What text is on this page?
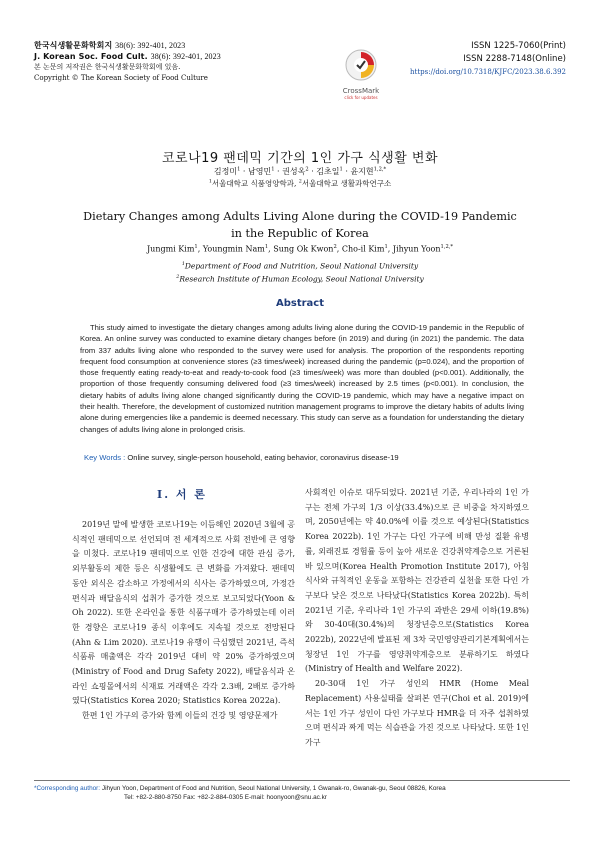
한국식생활문화학회지 38(6): 392-401, 2023
J. Korean Soc. Food Cult. 38(6): 392-401, 2023
본 논문의 저작권은 한국식생활문화학회에 있음.
Copyright © The Korean Society of Food Culture
CrossMark
click for updates
ISSN 1225-7060(Print)
ISSN 2288-7148(Online)
https://doi.org/10.7318/KJFC/2023.38.6.392
코로나19 팬데믹 기간의 1인 가구 식생활 변화
김정미$^1$ · 남영민$^1$ · 권성옥$^2$ · 김초일$^1$ · 윤지현$^{1,2,*}$
$^1$서울대학교 식품영양학과, $^2$서울대학교 생활과학연구소
Dietary Changes among Adults Living Alone during the COVID-19 Pandemic
in the Republic of Korea
Jungmi Kim$^1$, Youngmin Nam$^1$, Sung Ok Kwon$^2$, Cho-il Kim$^1$, Jihyun Yoon$^{1,2,*}$
$^1$Department of Food and Nutrition, Seoul National University
$^2$Research Institute of Human Ecology, Seoul National University
Abstract
This study aimed to investigate the dietary changes among adults living alone during the COVID-19 pandemic in the Republic of Korea. An online survey was conducted to examine dietary changes before (in 2019) and during (in 2021) the pandemic. The data from 337 adults living alone who responded to the survey were used for analysis. The proportion of the respondents reporting frequent food consumption at convenience stores (≥3 times/week) increased during the pandemic (p=0.024), and the proportion of those frequently eating ready-to-eat and ready-to-cook food (≥3 times/week) was more than doubled (p<0.001). Additionally, the proportion of those frequently consuming delivered food (≥3 times/week) increased by 2.5 times (p<0.001). In conclusion, the dietary habits of adults living alone changed significantly during the COVID-19 pandemic, which may have a negative impact on their health. Therefore, the development of customized nutrition management programs to improve the dietary habits of adults living alone during emergencies like a pandemic is deemed necessary. This study can serve as a foundation for understanding the dietary changes of adults living alone in prolonged crisis.
Key Words : Online survey, single-person household, eating behavior, coronavirus disease-19
I. 서 론

2019년 말에 발생한 코로나19는 이듬해인 2020년 3월에 공식적인 팬데믹으로 선언되며 전 세계적으로 사회 전반에 큰 영향을 미쳤다. 코로나19 팬데믹으로 인한 건강에 대한 관심 증가, 외부활동의 제한 등은 식생활에도 큰 변화를 가져왔다. 팬데믹 동안 외식은 감소하고 가정에서의 식사는 증가하였으며, 가정간편식과 배달음식의 섭취가 증가한 것으로 보고되었다(Yoon & Oh 2022). 또한 온라인을 통한 식품구매가 증가하였는데 이러한 경향은 코로나19 종식 이후에도 지속될 것으로 전망된다(Ahn & Lim 2020). 코로나19 유행이 극심했던 2021년, 즉석식품류 매출액은 각각 2019년 대비 약 20% 증가하였으며(Ministry of Food and Drug Safety 2022), 배달음식과 온라인 쇼핑몰에서의 식재료 거래액은 각각 2.3배, 2배로 증가하였다(Statistics Korea 2020; Statistics Korea 2022a).

한편 1인 가구의 증가와 함께 이들의 건강 및 영양문제가

사회적인 이슈로 대두되었다. 2021년 기준, 우리나라의 1인 가구는 전체 가구의 1/3 이상(33.4%)으로 큰 비중을 차지하였으며, 2050년에는 약 40.0%에 이를 것으로 예상된다(Statistics Korea 2022b). 1인 가구는 다인 가구에 비해 만성 질환 유병률, 외래진료 경험률 등이 높아 새로운 건강취약계층으로 거론된 바 있으며(Korea Health Promotion Institute 2017), 아침 식사와 규칙적인 운동을 포함하는 건강관리 실천율 또한 다인 가구보다 낮은 것으로 나타났다(Statistics Korea 2022b). 특히 2021년 기준, 우리나라 1인 가구의 과반은 29세 이하(19.8%)와 30-40대(30.4%)의 청장년층으로(Statistics Korea 2022b), 2022년에 발표된 제 3차 국민영양관리기본계획에서는 청장년 1인 가구를 영양취약계층으로 분류하기도 하였다(Ministry of Health and Welfare 2022).

20-30대 1인 가구 성인의 HMR (Home Meal Replacement) 사용실태를 살펴본 연구(Choi et al. 2019)에서는 1인 가구 성인이 다인 가구보다 HMR을 더 자주 섭취하였으며 편식과 짜게 먹는 식습관을 가진 것으로 나타났다. 또한 1인 가구

*Corresponding author: Jihyun Yoon, Department of Food and Nutrition, Seoul National University, 1 Gwanak-ro, Gwanak-gu, Seoul 08826, Korea
Tel: +82-2-880-8750 Fax: +82-2-884-0305 E-mail: hoonyoon@snu.ac.kr
